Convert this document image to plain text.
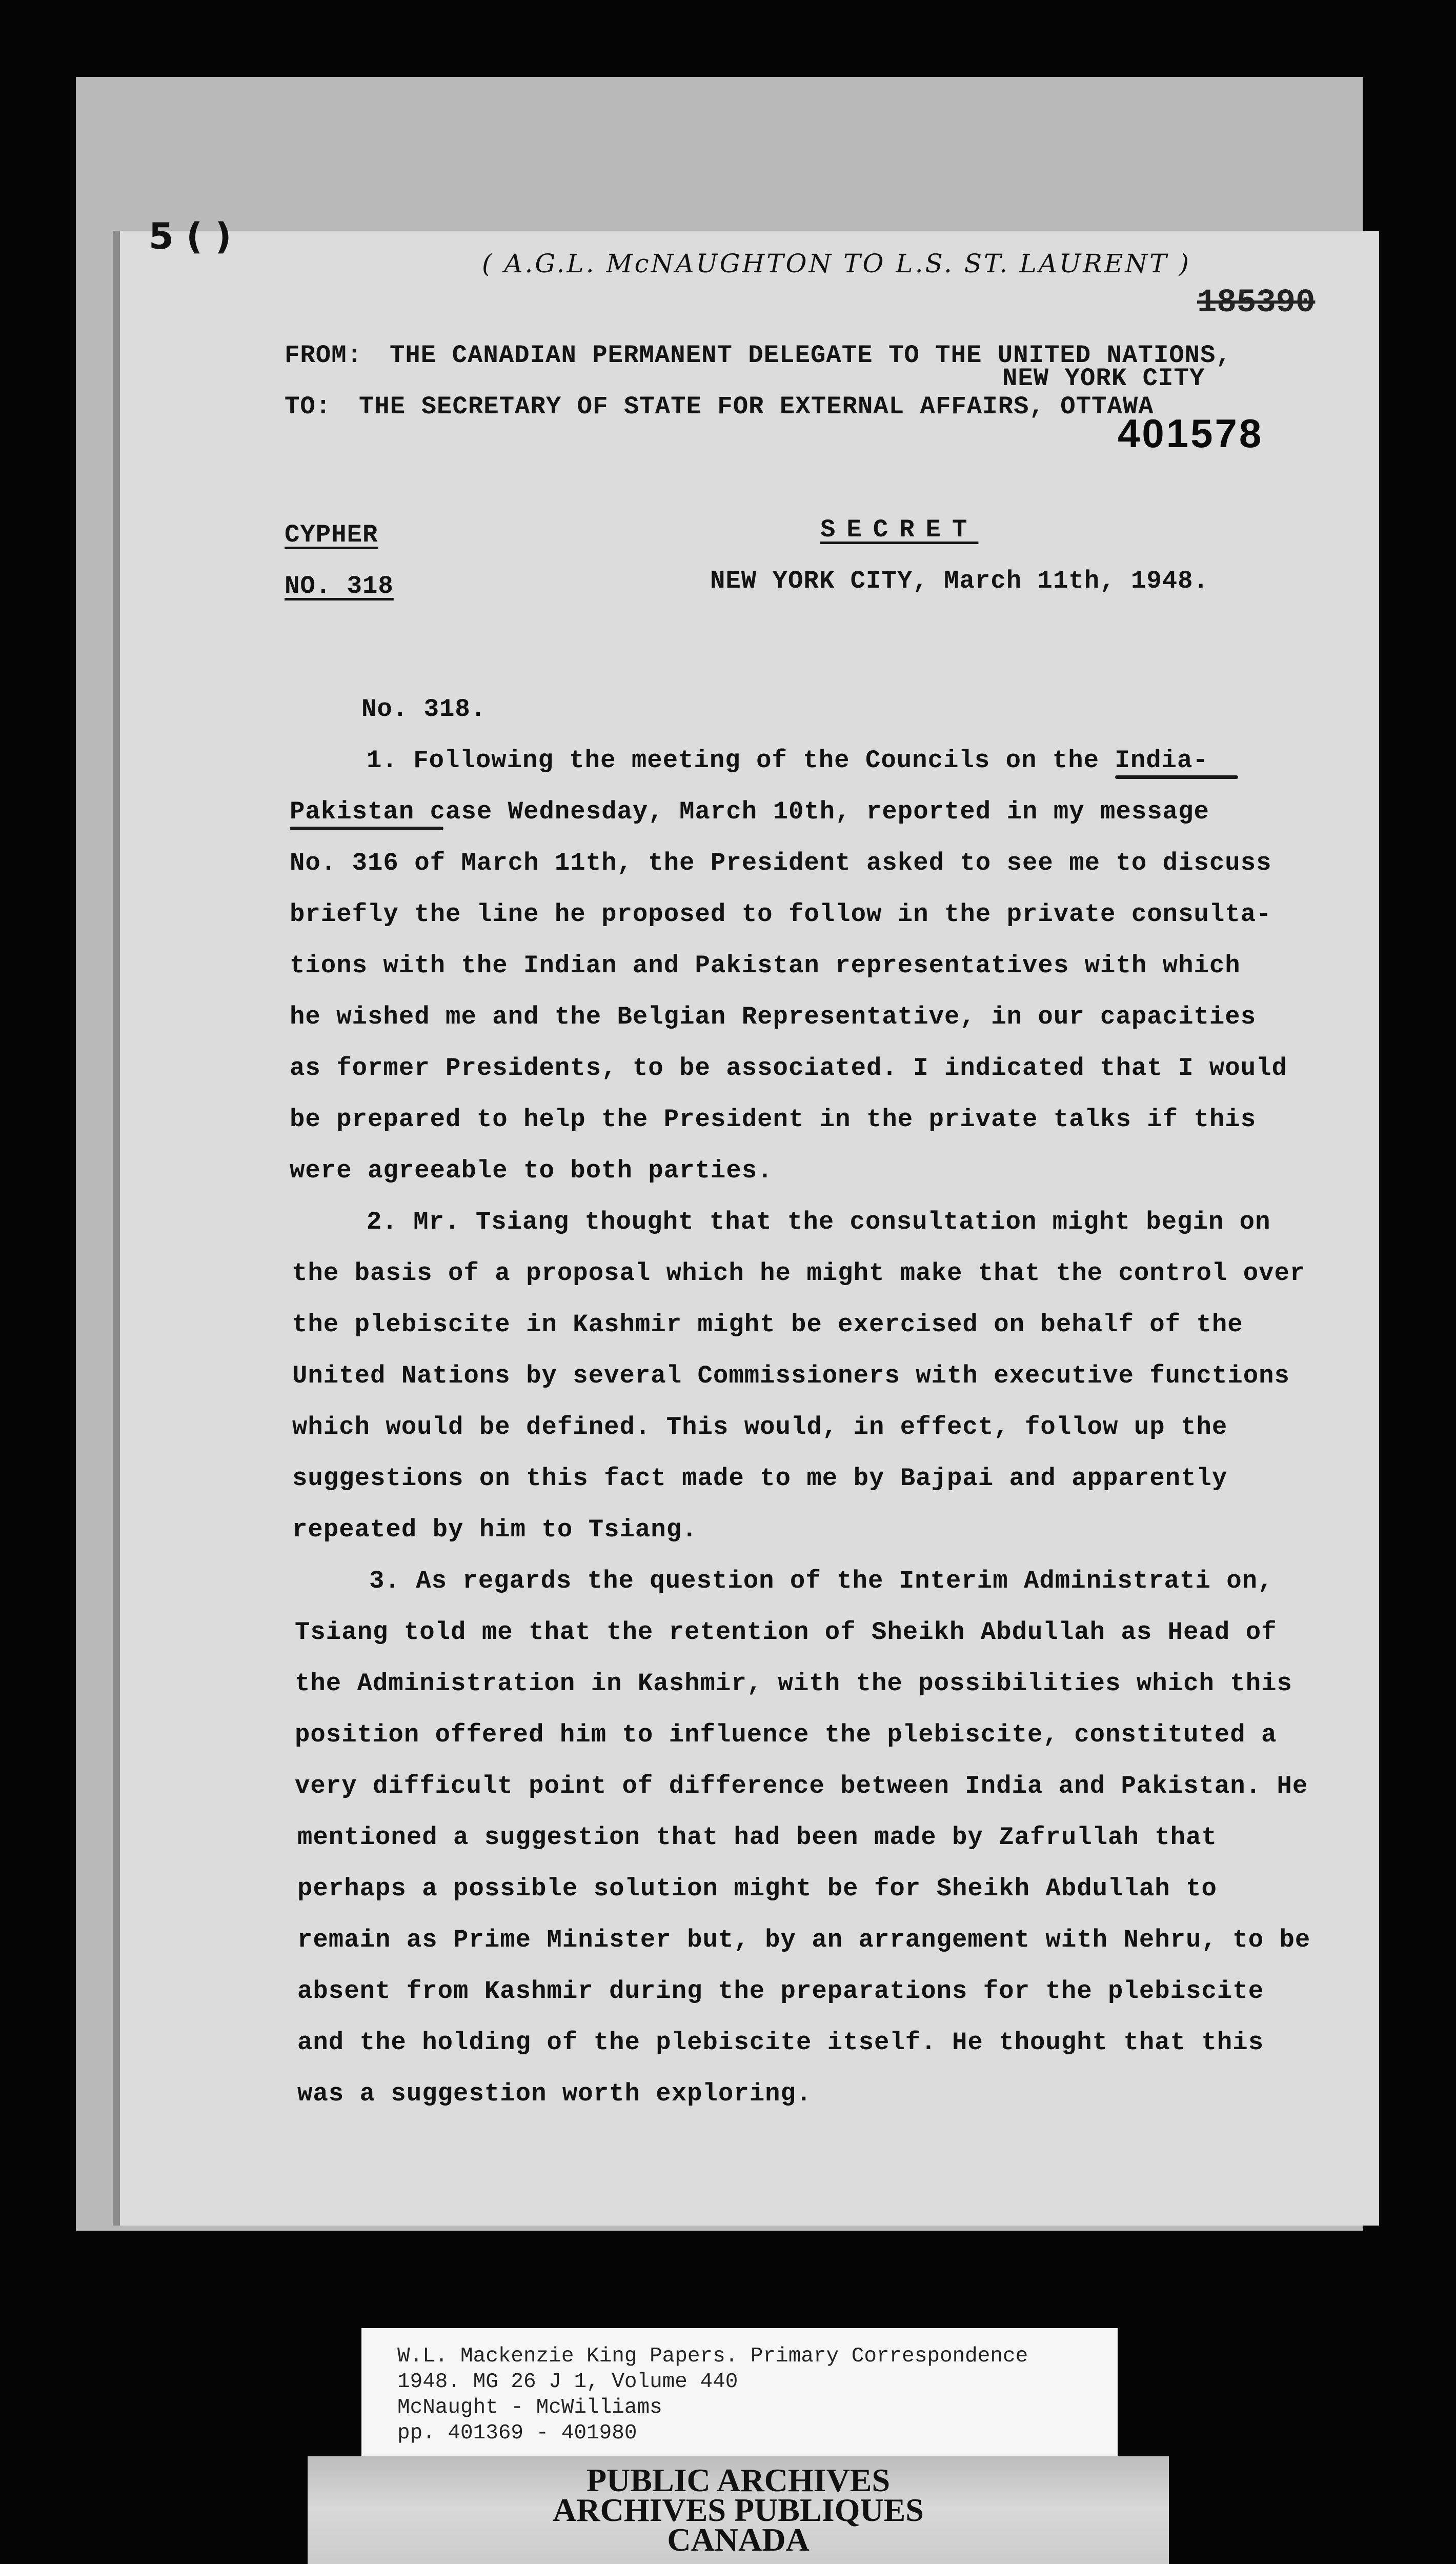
5 ( )
( A.G.L. McNAUGHTON TO L.S. ST. LAURENT )
185390
FROM: THE CANADIAN PERMANENT DELEGATE TO THE UNITED NATIONS,
NEW YORK CITY
TO: THE SECRETARY OF STATE FOR EXTERNAL AFFAIRS, OTTAWA
401578
CYPHER	SECRET
NO. 318	NEW YORK CITY, March 11th, 1948.
No. 318.
1. Following the meeting of the Councils on the India-
Pakistan case Wednesday, March 10th, reported in my message
No. 316 of March 11th, the President asked to see me to discuss
briefly the line he proposed to follow in the private consulta-
tions with the Indian and Pakistan representatives with which
he wished me and the Belgian Representative, in our capacities
as former Presidents, to be associated. I indicated that I would
be prepared to help the President in the private talks if this
were agreeable to both parties.
2. Mr. Tsiang thought that the consultation might begin on
the basis of a proposal which he might make that the control over
the plebiscite in Kashmir might be exercised on behalf of the
United Nations by several Commissioners with executive functions
which would be defined. This would, in effect, follow up the
suggestions on this fact made to me by Bajpai and apparently
repeated by him to Tsiang.
3. As regards the question of the Interim Administrati on,
Tsiang told me that the retention of Sheikh Abdullah as Head of
the Administration in Kashmir, with the possibilities which this
position offered him to influence the plebiscite, constituted a
very difficult point of difference between India and Pakistan. He
mentioned a suggestion that had been made by Zafrullah that
perhaps a possible solution might be for Sheikh Abdullah to
remain as Prime Minister but, by an arrangement with Nehru, to be
absent from Kashmir during the preparations for the plebiscite
and the holding of the plebiscite itself. He thought that this
was a suggestion worth exploring.
W.L. Mackenzie King Papers. Primary Correspondence
1948. MG 26 J 1, Volume 440
McNaught - McWilliams
pp. 401369 - 401980
PUBLIC ARCHIVES
ARCHIVES PUBLIQUES
CANADA
